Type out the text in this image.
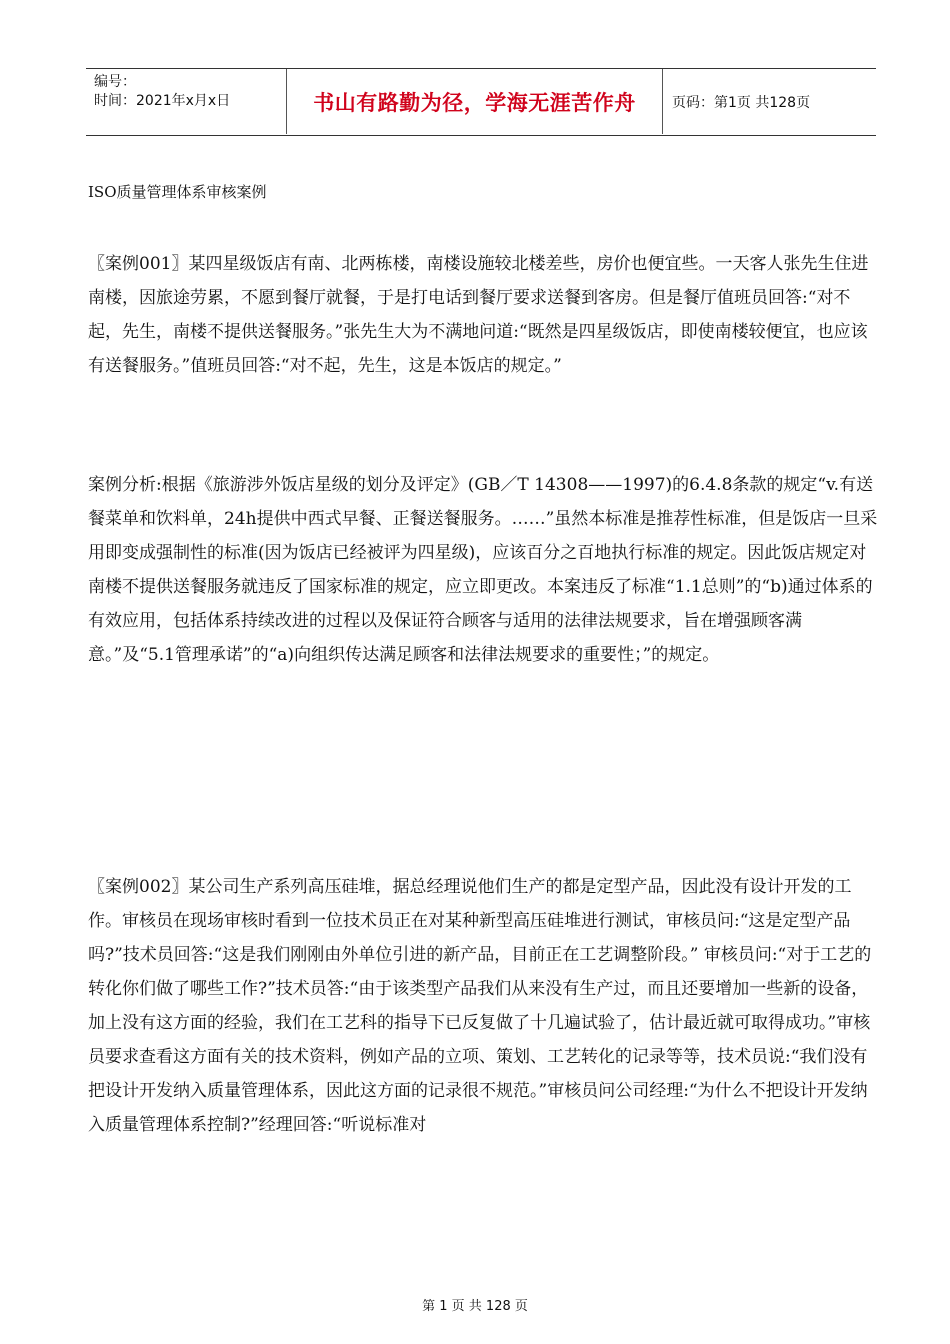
编号：
时间：2021年x月x日	书山有路勤为径，学海无涯苦作舟	页码：第1页 共128页
ISO质量管理体系审核案例

〖案例001〗某四星级饭店有南、北两栋楼，南楼设施较北楼差些，房价也便宜些。一天客人张先生住进南楼，因旅途劳累，不愿到餐厅就餐，于是打电话到餐厅要求送餐到客房。但是餐厅值班员回答:“对不起，先生，南楼不提供送餐服务。”张先生大为不满地问道:“既然是四星级饭店，即使南楼较便宜，也应该有送餐服务。”值班员回答:“对不起，先生，这是本饭店的规定。”

案例分析:根据《旅游涉外饭店星级的划分及评定》(GB／T 14308——1997)的6.4.8条款的规定“v.有送餐菜单和饮料单，24h提供中西式早餐、正餐送餐服务。……”虽然本标准是推荐性标准，但是饭店一旦采用即变成强制性的标准(因为饭店已经被评为四星级)，应该百分之百地执行标准的规定。因此饭店规定对南楼不提供送餐服务就违反了国家标准的规定，应立即更改。本案违反了标准“1.1总则”的“b)通过体系的有效应用，包括体系持续改进的过程以及保证符合顾客与适用的法律法规要求，旨在增强顾客满意。”及“5.1管理承诺”的“a)向组织传达满足顾客和法律法规要求的重要性；”的规定。

〖案例002〗某公司生产系列高压硅堆，据总经理说他们生产的都是定型产品，因此没有设计开发的工作。审核员在现场审核时看到一位技术员正在对某种新型高压硅堆进行测试，审核员问:“这是定型产品吗?”技术员回答:“这是我们刚刚由外单位引进的新产品，目前正在工艺调整阶段。” 审核员问:“对于工艺的转化你们做了哪些工作?”技术员答:“由于该类型产品我们从来没有生产过，而且还要增加一些新的设备，加上没有这方面的经验，我们在工艺科的指导下已反复做了十几遍试验了，估计最近就可取得成功。”审核员要求查看这方面有关的技术资料，例如产品的立项、策划、工艺转化的记录等等，技术员说:“我们没有把设计开发纳入质量管理体系，因此这方面的记录很不规范。”审核员问公司经理:“为什么不把设计开发纳入质量管理体系控制?”经理回答:“听说标准对

第 1 页 共 128 页
